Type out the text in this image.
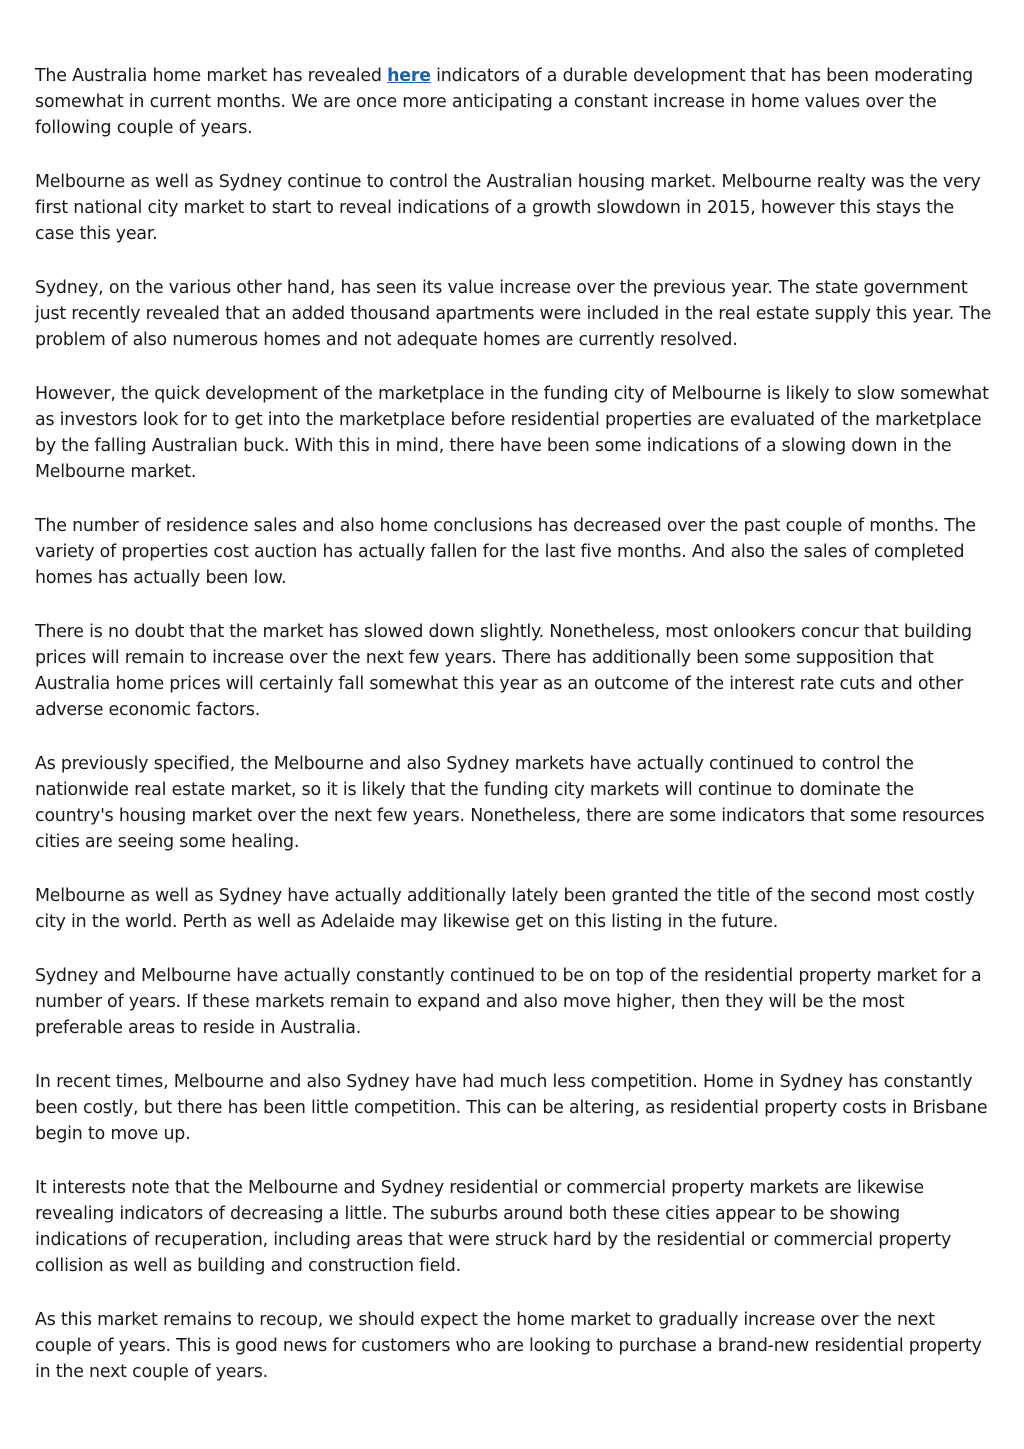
The Australia home market has revealed here indicators of a durable development that has been moderating somewhat in current months. We are once more anticipating a constant increase in home values over the following couple of years.

Melbourne as well as Sydney continue to control the Australian housing market. Melbourne realty was the very first national city market to start to reveal indications of a growth slowdown in 2015, however this stays the case this year.

Sydney, on the various other hand, has seen its value increase over the previous year. The state government just recently revealed that an added thousand apartments were included in the real estate supply this year. The problem of also numerous homes and not adequate homes are currently resolved.

However, the quick development of the marketplace in the funding city of Melbourne is likely to slow somewhat as investors look for to get into the marketplace before residential properties are evaluated of the marketplace by the falling Australian buck. With this in mind, there have been some indications of a slowing down in the Melbourne market.

The number of residence sales and also home conclusions has decreased over the past couple of months. The variety of properties cost auction has actually fallen for the last five months. And also the sales of completed homes has actually been low.

There is no doubt that the market has slowed down slightly. Nonetheless, most onlookers concur that building prices will remain to increase over the next few years. There has additionally been some supposition that Australia home prices will certainly fall somewhat this year as an outcome of the interest rate cuts and other adverse economic factors.

As previously specified, the Melbourne and also Sydney markets have actually continued to control the nationwide real estate market, so it is likely that the funding city markets will continue to dominate the country's housing market over the next few years. Nonetheless, there are some indicators that some resources cities are seeing some healing.

Melbourne as well as Sydney have actually additionally lately been granted the title of the second most costly city in the world. Perth as well as Adelaide may likewise get on this listing in the future.

Sydney and Melbourne have actually constantly continued to be on top of the residential property market for a number of years. If these markets remain to expand and also move higher, then they will be the most preferable areas to reside in Australia.

In recent times, Melbourne and also Sydney have had much less competition. Home in Sydney has constantly been costly, but there has been little competition. This can be altering, as residential property costs in Brisbane begin to move up.

It interests note that the Melbourne and Sydney residential or commercial property markets are likewise revealing indicators of decreasing a little. The suburbs around both these cities appear to be showing indications of recuperation, including areas that were struck hard by the residential or commercial property collision as well as building and construction field.

As this market remains to recoup, we should expect the home market to gradually increase over the next couple of years. This is good news for customers who are looking to purchase a brand-new residential property in the next couple of years.
